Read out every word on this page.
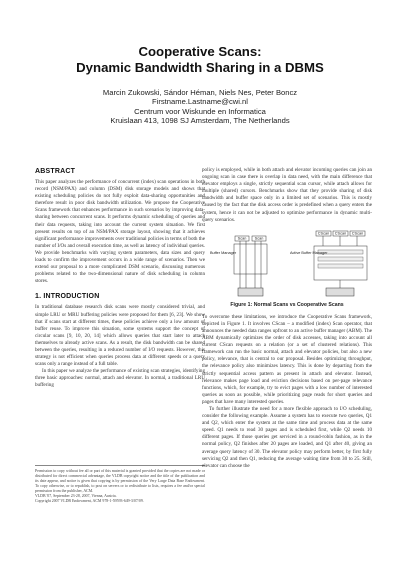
Cooperative Scans:
Dynamic Bandwidth Sharing in a DBMS
Marcin Zukowski, Sándor Héman, Niels Nes, Peter Boncz
Firstname.Lastname@cwi.nl
Centrum voor Wiskunde en Informatica
Kruislaan 413, 1098 SJ Amsterdam, The Netherlands
ABSTRACT

This paper analyzes the performance of concurrent (index) scan operations in both record (NSM/PAX) and column (DSM) disk storage models and shows that existing scheduling policies do not fully exploit data-sharing opportunities and therefore result in poor disk bandwidth utilization. We propose the Cooperative Scans framework that enhances performance in such scenarios by improving data-sharing between concurrent scans. It performs dynamic scheduling of queries and their data requests, taking into account the current system situation. We first present results on top of an NSM/PAX storage layout, showing that it achieves significant performance improvements over traditional policies in terms of both the number of I/Os and overall execution time, as well as latency of individual queries. We provide benchmarks with varying system parameters, data sizes and query loads to confirm the improvement occurs in a wide range of scenarios. Then we extend our proposal to a more complicated DSM scenario, discussing numerous problems related to the two-dimensional nature of disk scheduling in column stores.

1. INTRODUCTION

In traditional database research disk scans were mostly considered trivial, and simple LRU or MRU buffering policies were proposed for them [6, 23]. We show that if scans start at different times, these policies achieve only a low amount of buffer reuse. To improve this situation, some systems support the concept of circular scans [9, 10, 20, 14] which allows queries that start later to attach themselves to already active scans. As a result, the disk bandwidth can be shared between the queries, resulting in a reduced number of I/O requests. However, this strategy is not efficient when queries process data at different speeds or a query scans only a range instead of a full table.

In this paper we analyze the performance of existing scan strategies, identifying three basic approaches: normal, attach and elevator. In normal, a traditional LRU buffering

Permission to copy without fee all or part of this material is granted provided that the copies are not made or distributed for direct commercial advantage, the VLDB copyright notice and the title of the publication and its date appear, and notice is given that copying is by permission of the Very Large Data Base Endowment. To copy otherwise, or to republish, to post on servers or to redistribute to lists, requires a fee and/or special permission from the publisher, ACM.
VLDB '07, September 23-28, 2007, Vienna, Austria.
Copyright 2007 VLDB Endowment, ACM 978-1-59593-649-3/07/09.

policy is employed, while in both attach and elevator incoming queries can join an ongoing scan in case there is overlap in data need, with the main difference that elevator employs a single, strictly sequential scan cursor, while attach allows for multiple (shared) cursors. Benchmarks show that they provide sharing of disk bandwidth and buffer space only in a limited set of scenarios. This is mostly caused by the fact that the disk access order is predefined when a query enters the system, hence it can not be adjusted to optimize performance in dynamic multi-query scenarios.

Scan Scan
Buffer Manager
CScan CScan CScan
Active Buffer Manager
Figure 1: Normal Scans vs Cooperative Scans

To overcome these limitations, we introduce the Cooperative Scans framework, depicted in Figure 1. It involves CScan – a modified (index) Scan operator, that announces the needed data ranges upfront to an active buffer manager (ABM). The ABM dynamically optimizes the order of disk accesses, taking into account all current CScan requests on a relation (or a set of clustered relations). This framework can run the basic normal, attach and elevator policies, but also a new policy, relevance, that is central to our proposal. Besides optimizing throughput, the relevance policy also minimizes latency. This is done by departing from the strictly sequential access pattern as present in attach and elevator. Instead, relevance makes page load and eviction decisions based on per-page relevance functions, which, for example, try to evict pages with a low number of interested queries as soon as possible, while prioritizing page reads for short queries and pages that have many interested queries.

To further illustrate the need for a more flexible approach to I/O scheduling, consider the following example. Assume a system has to execute two queries, Q1 and Q2, which enter the system at the same time and process data at the same speed. Q1 needs to read 30 pages and is scheduled first, while Q2 needs 10 different pages. If those queries get serviced in a round-robin fashion, as in the normal policy, Q2 finishes after 20 pages are loaded, and Q1 after 40, giving an average query latency of 30. The elevator policy may perform better, by first fully servicing Q2 and then Q1, reducing the average waiting time from 30 to 25. Still, elevator can choose the
